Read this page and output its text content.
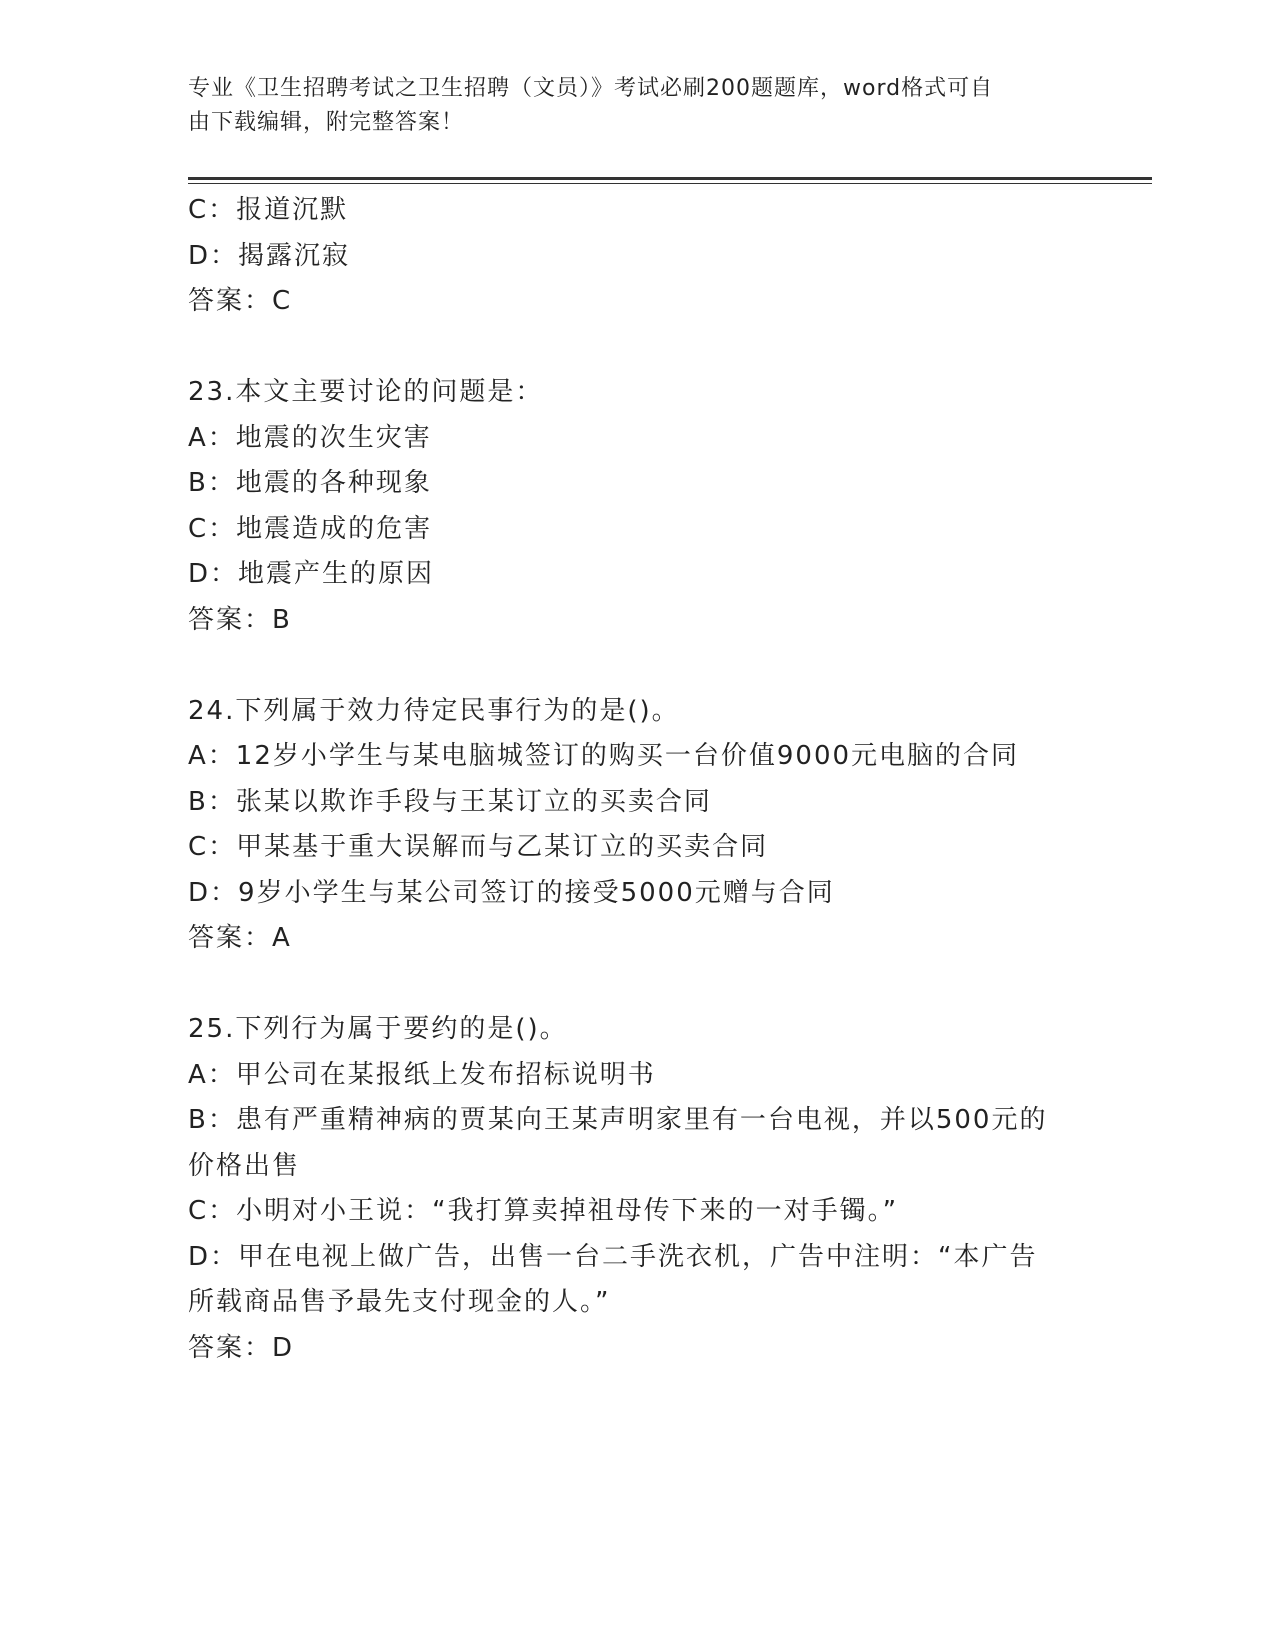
专业《卫生招聘考试之卫生招聘（文员）》考试必刷200题题库，word格式可自
由下载编辑，附完整答案！
C：报道沉默
D：揭露沉寂
答案：C
23.本文主要讨论的问题是：
A：地震的次生灾害
B：地震的各种现象
C：地震造成的危害
D：地震产生的原因
答案：B
24.下列属于效力待定民事行为的是()。
A：12岁小学生与某电脑城签订的购买一台价值9000元电脑的合同
B：张某以欺诈手段与王某订立的买卖合同
C：甲某基于重大误解而与乙某订立的买卖合同
D：9岁小学生与某公司签订的接受5000元赠与合同
答案：A
25.下列行为属于要约的是()。
A：甲公司在某报纸上发布招标说明书
B：患有严重精神病的贾某向王某声明家里有一台电视，并以500元的
价格出售
C：小明对小王说：“我打算卖掉祖母传下来的一对手镯。”
D：甲在电视上做广告，出售一台二手洗衣机，广告中注明：“本广告
所载商品售予最先支付现金的人。”
答案：D
